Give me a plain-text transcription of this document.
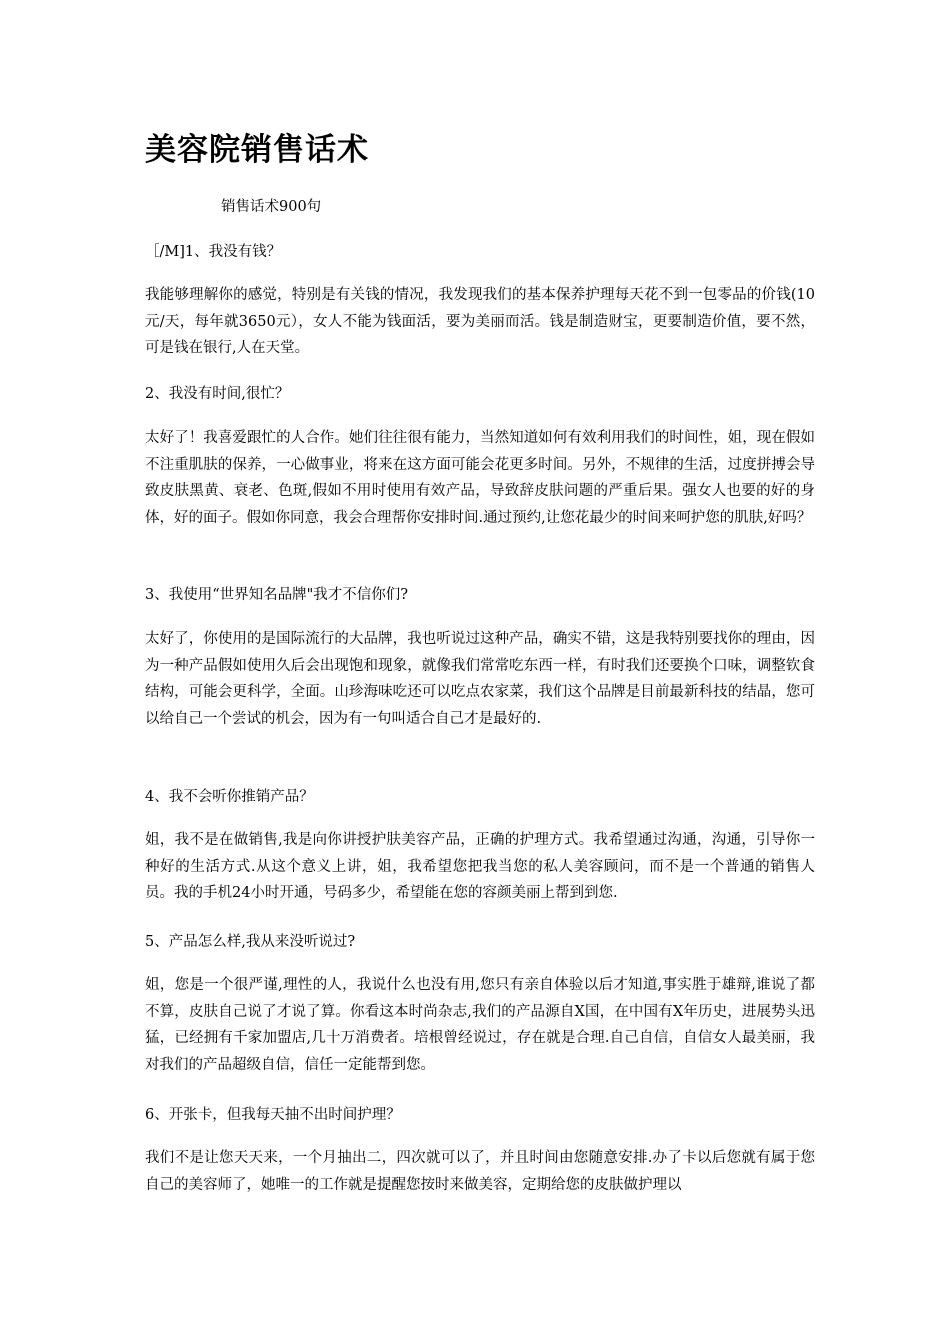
美容院销售话术

销售话术900句

［/M]1、我没有钱？

我能够理解你的感觉，特别是有关钱的情况，我发现我们的基本保养护理每天花不到一包零品的价钱(10元/天，每年就3650元），女人不能为钱面活，要为美丽而活。钱是制造财宝，更要制造价值，要不然，可是钱在银行,人在天堂。

2、我没有时间,很忙？

太好了！我喜爱跟忙的人合作。她们往往很有能力，当然知道如何有效利用我们的时间性，姐，现在假如不注重肌肤的保养，一心做事业，将来在这方面可能会花更多时间。另外，不规律的生活，过度拼搏会导致皮肤黑黄、衰老、色斑,假如不用时使用有效产品，导致辞皮肤问题的严重后果。强女人也要的好的身体，好的面子。假如你同意，我会合理帮你安排时间.通过预约,让您花最少的时间来呵护您的肌肤,好吗？

3、我使用“世界知名品牌"我才不信你们?

太好了，你使用的是国际流行的大品牌，我也听说过这种产品，确实不错，这是我特别要找你的理由，因为一种产品假如使用久后会出现饱和现象，就像我们常常吃东西一样，有时我们还要换个口味，调整钦食结构，可能会更科学，全面。山珍海味吃还可以吃点农家菜，我们这个品牌是目前最新科技的结晶，您可以给自己一个尝试的机会，因为有一句叫适合自己才是最好的.

4、我不会听你推销产品？

姐，我不是在做销售,我是向你讲授护肤美容产品，正确的护理方式。我希望通过沟通，沟通，引导你一种好的生活方式.从这个意义上讲，姐，我希望您把我当您的私人美容顾问，而不是一个普通的销售人员。我的手机24小时开通，号码多少，希望能在您的容颜美丽上帮到到您.

5、产品怎么样,我从来没听说过?

姐，您是一个很严谨,理性的人，我说什么也没有用,您只有亲自体验以后才知道,事实胜于雄辩,谁说了都不算，皮肤自己说了才说了算。你看这本时尚杂志,我们的产品源自X国，在中国有X年历史，进展势头迅猛，已经拥有千家加盟店,几十万消费者。培根曾经说过，存在就是合理.自己自信，自信女人最美丽，我对我们的产品超级自信，信任一定能帮到您。

6、开张卡，但我每天抽不出时间护理？

我们不是让您天天来，一个月抽出二，四次就可以了，并且时间由您随意安排.办了卡以后您就有属于您自己的美容师了，她唯一的工作就是提醒您按时来做美容，定期给您的皮肤做护理以
